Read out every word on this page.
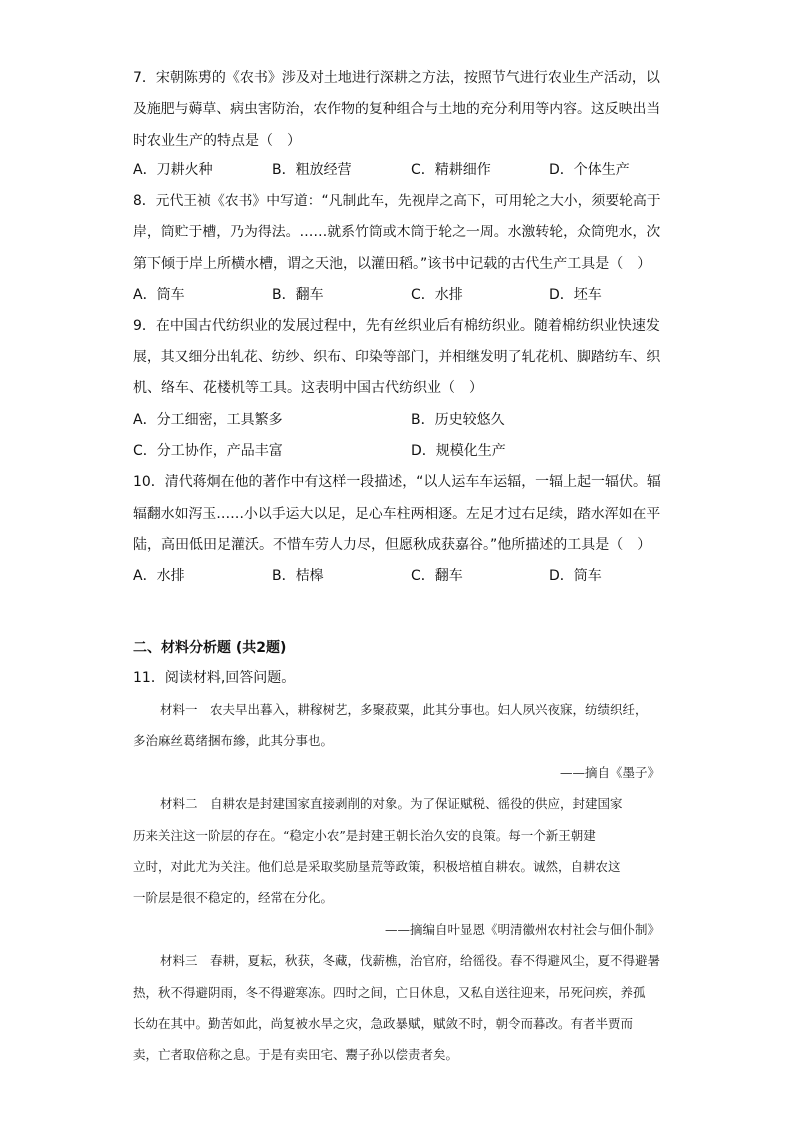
7．宋朝陈旉的《农书》涉及对土地进行深耕之方法，按照节气进行农业生产活动，以
及施肥与薅草、病虫害防治，农作物的复种组合与土地的充分利用等内容。这反映出当
时农业生产的特点是（　）
A．刀耕火种	B．粗放经营	C．精耕细作	D．个体生产
8．元代王祯《农书》中写道：“凡制此车，先视岸之高下，可用轮之大小，须要轮高于
岸，筒贮于槽，乃为得法。……就系竹筒或木筒于轮之一周。水激转轮，众筒兜水，次
第下倾于岸上所横水槽，谓之天池，以灌田稻。”该书中记载的古代生产工具是（　）
A．筒车	B．翻车	C．水排	D．坯车
9．在中国古代纺织业的发展过程中，先有丝织业后有棉纺织业。随着棉纺织业快速发
展，其又细分出轧花、纺纱、织布、印染等部门，并相继发明了轧花机、脚踏纺车、织
机、络车、花楼机等工具。这表明中国古代纺织业（　）
A．分工细密，工具繁多	B．历史较悠久
C．分工协作，产品丰富	D．规模化生产
10．清代蒋炯在他的著作中有这样一段描述，“以人运车车运辐，一辐上起一辐伏。辐
辐翻水如泻玉……小以手运大以足，足心车柱两相逐。左足才过右足续，踏水浑如在平
陆，高田低田足灌沃。不惜车劳人力尽，但愿秋成获嘉谷。”他所描述的工具是（　）
A．水排	B．桔槔	C．翻车	D．筒车
二、材料分析题 (共2题)
11．阅读材料,回答问题。
材料一　农夫早出暮入，耕稼树艺，多聚菽粟，此其分事也。妇人夙兴夜寐，纺绩织纴，
多治麻丝葛绪捆布縿，此其分事也。
——摘自《墨子》
材料二　自耕农是封建国家直接剥削的对象。为了保证赋税、徭役的供应，封建国家
历来关注这一阶层的存在。“稳定小农”是封建王朝长治久安的良策。每一个新王朝建
立时，对此尤为关注。他们总是采取奖励垦荒等政策，积极培植自耕农。诚然，自耕农这
一阶层是很不稳定的，经常在分化。
——摘编自叶显恩《明清徽州农村社会与佃仆制》
材料三　春耕，夏耘，秋获，冬藏，伐薪樵，治官府，给徭役。春不得避风尘，夏不得避暑
热，秋不得避阴雨，冬不得避寒冻。四时之间，亡日休息，又私自送往迎来，吊死问疾，养孤
长幼在其中。勤苦如此，尚复被水旱之灾，急政暴赋，赋敛不时，朝令而暮改。有者半贾而
卖，亡者取倍称之息。于是有卖田宅、鬻子孙以偿责者矣。
